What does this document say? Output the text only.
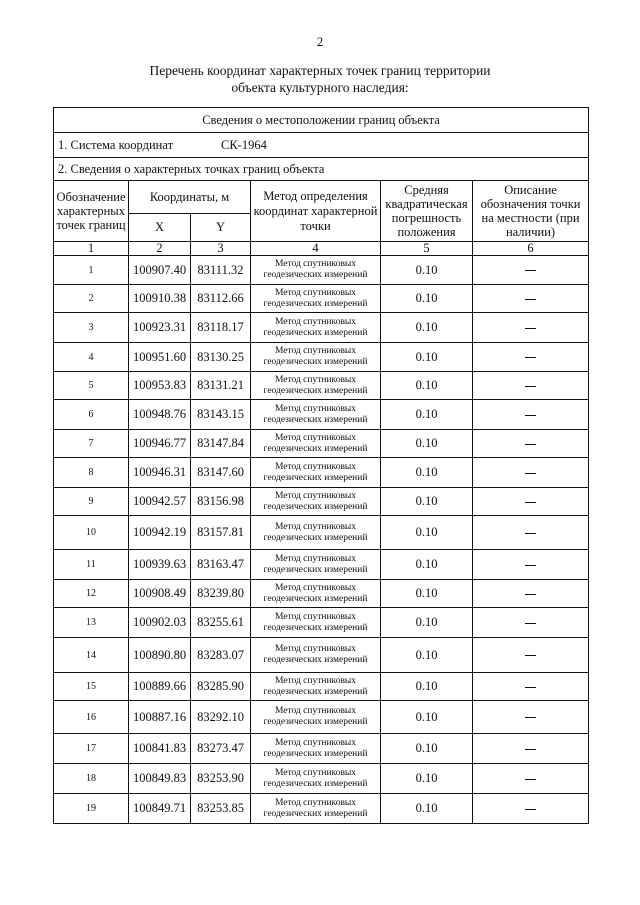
2
Перечень координат характерных точек границ территории
объекта культурного наследия:
Сведения о местоположении границ объекта					

1. Система координат СК-1964					

2. Сведения о характерных точках границ объекта					
Обозначение характерных точек границ	Координаты, м		Метод определения координат характерной точки	Средняя квадратическая погрешность положения	Описание обозначения точки на местности (при наличии)
	X	Y			
1	2	3	4	5	6
1	100907.40	83111.32	Метод спутниковых геодезических измерений	0.10	
2	100910.38	83112.66	Метод спутниковых геодезических измерений	0.10	
3	100923.31	83118.17	Метод спутниковых геодезических измерений	0.10	
4	100951.60	83130.25	Метод спутниковых геодезических измерений	0.10	
5	100953.83	83131.21	Метод спутниковых геодезических измерений	0.10	
6	100948.76	83143.15	Метод спутниковых геодезических измерений	0.10	
7	100946.77	83147.84	Метод спутниковых геодезических измерений	0.10	
8	100946.31	83147.60	Метод спутниковых геодезических измерений	0.10	
9	100942.57	83156.98	Метод спутниковых геодезических измерений	0.10	
10	100942.19	83157.81	Метод спутниковых геодезических измерений	0.10	
11	100939.63	83163.47	Метод спутниковых геодезических измерений	0.10	
12	100908.49	83239.80	Метод спутниковых геодезических измерений	0.10	
13	100902.03	83255.61	Метод спутниковых геодезических измерений	0.10	
14	100890.80	83283.07	Метод спутниковых геодезических измерений	0.10	
15	100889.66	83285.90	Метод спутниковых геодезических измерений	0.10	
16	100887.16	83292.10	Метод спутниковых геодезических измерений	0.10	
17	100841.83	83273.47	Метод спутниковых геодезических измерений	0.10	
18	100849.83	83253.90	Метод спутниковых геодезических измерений	0.10	
19	100849.71	83253.85	Метод спутниковых геодезических измерений	0.10	
